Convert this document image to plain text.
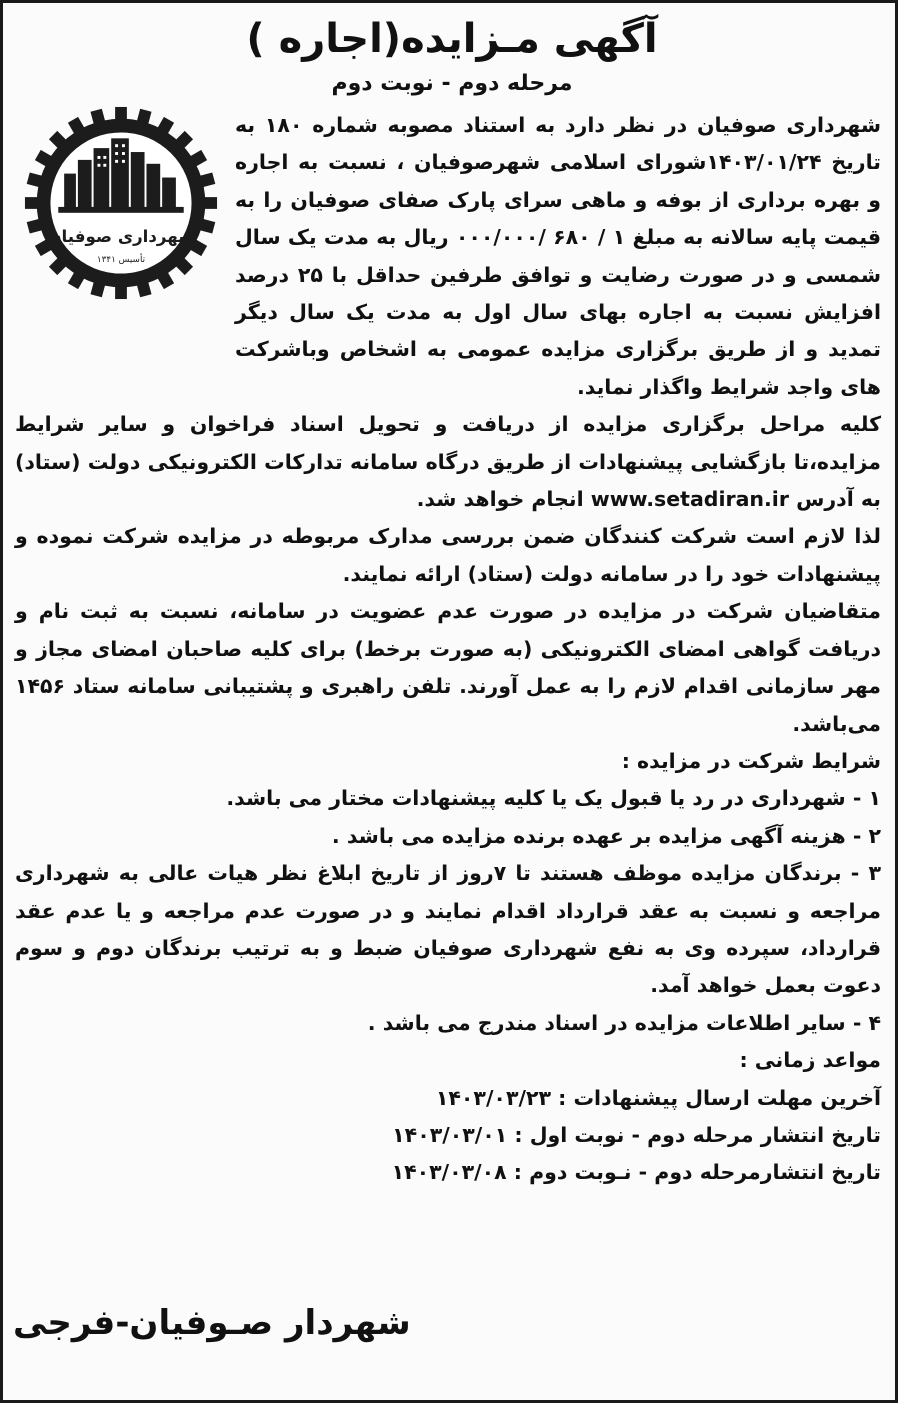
آگهی مـزایده(اجاره )
مرحله دوم - نوبت دوم
شهرداری صوفیان
تأسیس ۱۳۴۱

شهرداری صوفیان در نظر دارد به استناد مصوبه شماره ۱۸۰ به تاریخ ۱۴۰۳/۰۱/۲۴شورای اسلامی شهرصوفیان ، نسبت به اجاره و بهره برداری از بوفه و ماهی سرای پارک صفای صوفیان را به قیمت پایه سالانه به مبلغ ۱ / ۶۸۰ /۰۰۰/۰۰۰ ریال به مدت یک سال شمسی و در صورت رضایت و توافق طرفین حداقل با ۲۵ درصد افزایش نسبت به اجاره بهای سال اول به مدت یک سال دیگر تمدید و از طریق برگزاری مزایده عمومی به اشخاص وباشرکت های واجد شرایط واگذار نماید.

کلیه مراحل برگزاری مزایده از دریافت و تحویل اسناد فراخوان و سایر شرایط مزایده،تا بازگشایی پیشنهادات از طریق درگاه سامانه تدارکات الکترونیکی دولت (ستاد) به آدرس www.setadiran.ir انجام خواهد شد.

لذا لازم است شرکت کنندگان ضمن بررسی مدارک مربوطه در مزایده شرکت نموده و پیشنهادات خود را در سامانه دولت (ستاد) ارائه نمایند.

متقاضیان شرکت در مزایده در صورت عدم عضویت در سامانه، نسبت به ثبت نام و دریافت گواهی امضای الکترونیکی (به صورت برخط) برای کلیه صاحبان امضای مجاز و مهر سازمانی اقدام لازم را به عمل آورند. تلفن راهبری و پشتیبانی سامانه ستاد ۱۴۵۶ می‌باشد.

شرایط شرکت در مزایده :

۱ - شهرداری در رد یا قبول یک یا کلیه پیشنهادات مختار می باشد.

۲ - هزینه آگهی مزایده بر عهده برنده مزایده می باشد .

۳ - برندگان مزایده موظف هستند تا ۷روز از تاریخ ابلاغ نظر هیات عالی به شهرداری مراجعه و نسبت به عقد قرارداد اقدام نمایند و در صورت عدم مراجعه و یا عدم عقد قرارداد، سپرده وی به نفع شهرداری صوفیان ضبط و به ترتیب برندگان دوم و سوم دعوت بعمل خواهد آمد.

۴ - سایر اطلاعات مزایده در اسناد مندرج می باشد .

مواعد زمانی :

آخرین مهلت ارسال پیشنهادات : ۱۴۰۳/۰۳/۲۳

تاریخ انتشار مرحله دوم - نوبت اول : ۱۴۰۳/۰۳/۰۱

تاریخ انتشارمرحله دوم - نـوبت دوم : ۱۴۰۳/۰۳/۰۸

شهردار صـوفیان-فرجی
